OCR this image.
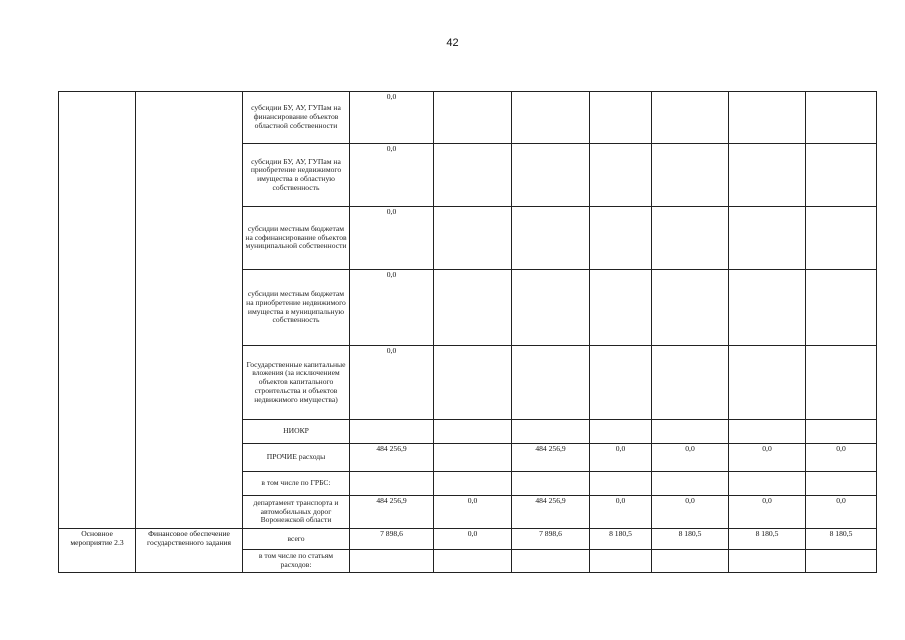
42
		субсидии БУ, АУ, ГУПам на финансирование объектов областной собственности	0,0						
		субсидии БУ, АУ, ГУПам на приобретение недвижимого имущества в областную собственность	0,0						
		субсидии местным бюджетам на софинансирование объектов муниципальной собственности	0,0						
		субсидии местным бюджетам на приобретение недвижимого имущества в муниципальную собственность	0,0						
		Государственные капитальные вложения (за исключением объектов капитального строительства и объектов недвижимого имущества)	0,0						
		НИОКР							
		ПРОЧИЕ расходы	484 256,9		484 256,9	0,0	0,0	0,0	0,0
		в том числе по ГРБС:							
		департамент транспорта и автомобильных дорог Воронежской области	484 256,9	0,0	484 256,9	0,0	0,0	0,0	0,0
Основное мероприятие 2.3	Финансовое обеспечение государственного задания	всего	7 898,6	0,0	7 898,6	8 180,5	8 180,5	8 180,5	8 180,5
		в том числе по статьям расходов:							
